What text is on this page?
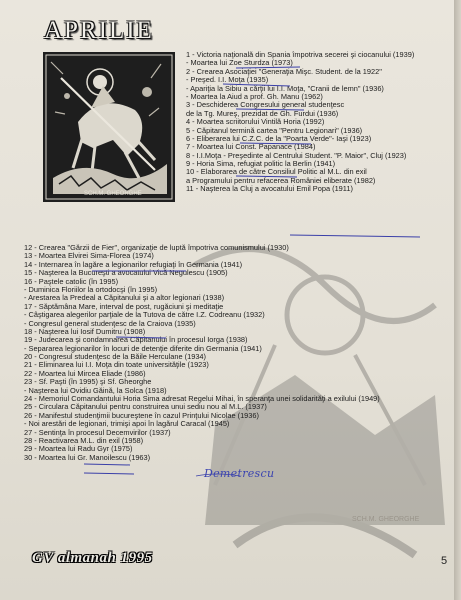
APRILIE
SCH.M. GHEORGHE
SCH.M. GHEORGHE
1 - Victoria naţională din Spania împotriva secerei şi ciocanului (1939)
- Moartea lui Zoe Sturdza (1973)
2 - Crearea Asociaţiei "Generaţia Mişc. Student. de la 1922"
- Preşed. I.I. Moţa (1935)
- Apariţia la Sibiu a cărţii lui I.I. Moţa, "Cranii de lemn" (1936)
- Moartea la Aiud a prof. Gh. Manu (1962)
3 - Deschiderea Congresului general studenţesc
de la Tg. Mureş, prezidat de Gh. Furdui (1936)
4 - Moartea scriitorului Vintilă Horia (1992)
5 - Căpitanul termină cartea "Pentru Legionari" (1936)
6 - Eliberarea lui C.Z.C. de la "Poarta Verde"- Iaşi (1923)
7 - Moartea lui Const. Papanace (1984)
8 - I.I.Moţa - Preşedinte al Centrului Student. "P. Maior", Cluj (1923)
9 - Horia Sima, refugiat politic la Berlin (1941)
10 - Elaborarea de către Consiliul Politic al M.L. din exil
a Programului pentru refacerea României eliberate (1982)
11 - Naşterea la Cluj a avocatului Emil Popa (1911)
12 - Crearea "Gărzii de Fier", organizaţie de luptă împotriva comunismului (1930)
13 - Moartea Elvirei Sima-Florea (1974)
14 - Internarea în lagăre a legionarilor refugiaţi în Germania (1941)
15 - Naşterea la Bucureşti a avocatului Vică Negulescu (1905)
16 - Paştele catolic (în 1995)
- Duminica Floriilor la ortodocşi (în 1995)
- Arestarea la Predeal a Căpitanului şi a altor legionari (1938)
17 - Săptămâna Mare, interval de post, rugăciuni şi meditaţie
- Câştigarea alegerilor parţiale de la Tutova de către I.Z. Codreanu (1932)
- Congresul general studenţesc de la Craiova (1935)
18 - Naşterea lui Iosif Dumitru (1908)
19 - Judecarea şi condamnarea Căpitanului în procesul Iorga (1938)
- Separarea legionarilor în locuri de detenţie diferite din Germania (1941)
20 - Congresul studenţesc de la Băile Herculane (1934)
21 - Eliminarea lui I.I. Moţa din toate universităţile (1923)
22 - Moartea lui Mircea Eliade (1986)
23 - Sf. Paşti (în 1995) şi Sf. Gheorghe
- Naşterea lui Ovidiu Găină, la Solca (1918)
24 - Memoriul Comandantului Horia Sima adresat Regelui Mihai, în speranţa unei solidarităţi a exilului (1949)
25 - Circulara Căpitanului pentru construirea unui sediu nou al M.L. (1937)
26 - Manifestul studenţimii bucureştene în cazul Prinţului Nicolae (1936)
- Noi arestări de legionari, trimişi apoi în lagărul Caracal (1945)
27 - Sentinţa în procesul Decemvirilor (1937)
28 - Reactivarea M.L. din exil (1958)
29 - Moartea lui Radu Gyr (1975)
30 - Moartea lui Gr. Manoilescu (1963)
Demetrescu
GV almanah 1995	5
